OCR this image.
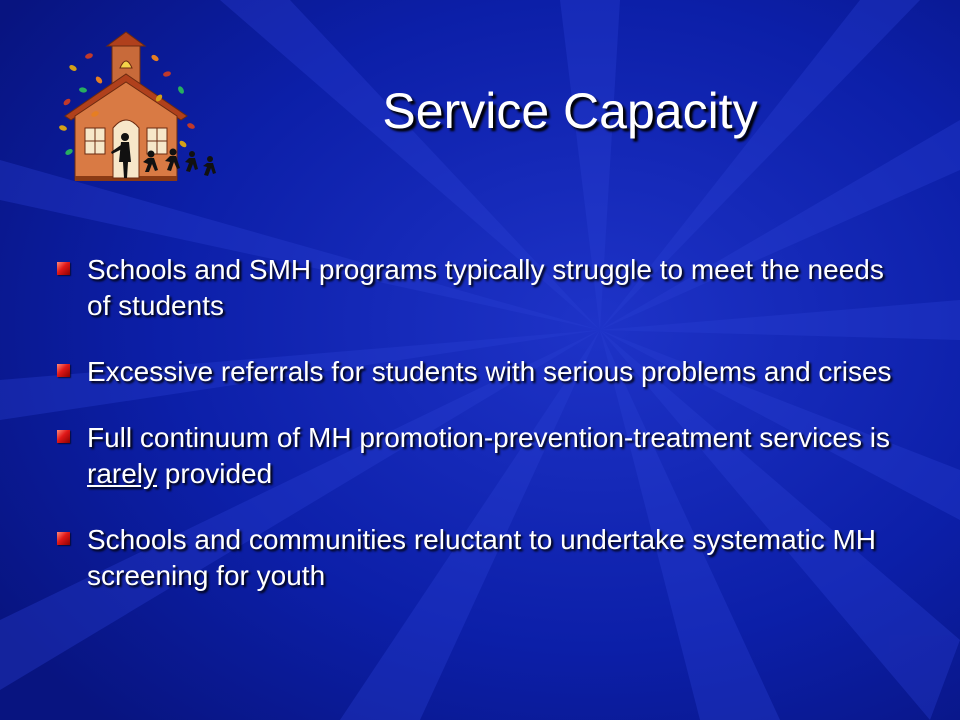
Service Capacity
Schools and SMH programs typically struggle to meet the needs of students
Excessive referrals for students with serious problems and crises
Full continuum of MH promotion-prevention-treatment services is rarely provided
Schools and communities reluctant to undertake systematic MH screening for youth
